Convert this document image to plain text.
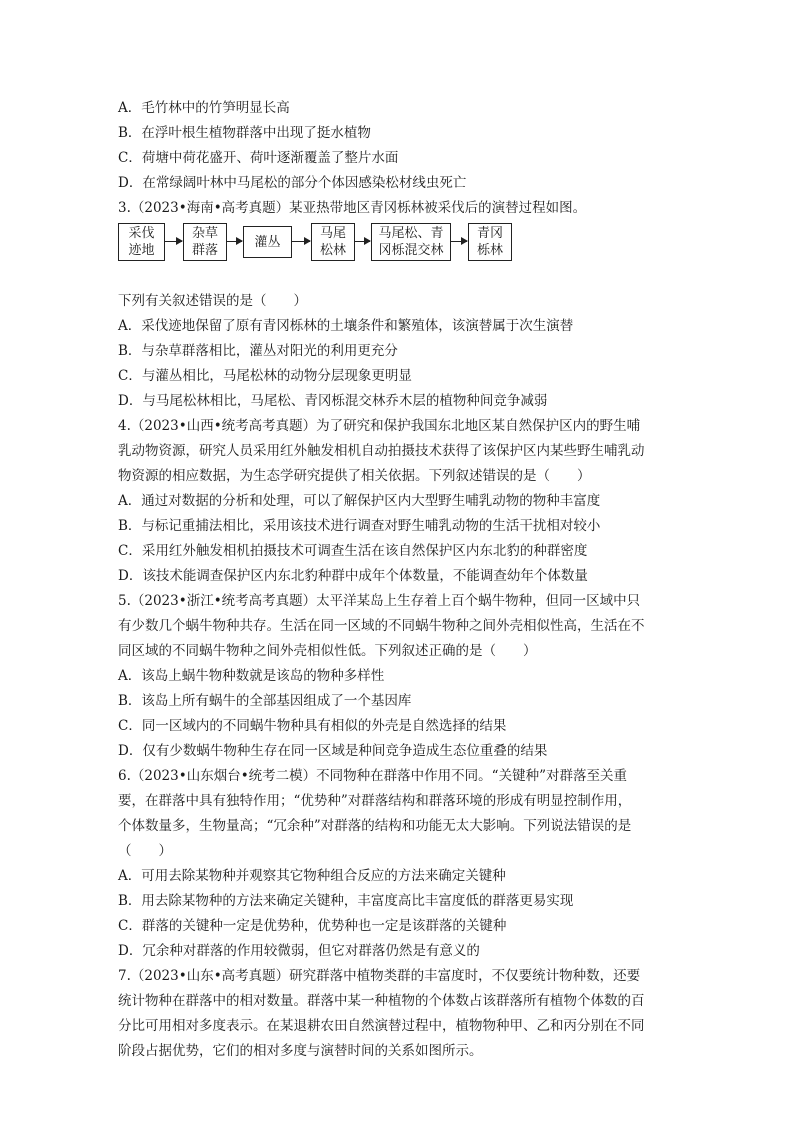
A．毛竹林中的竹笋明显长高
B．在浮叶根生植物群落中出现了挺水植物
C．荷塘中荷花盛开、荷叶逐渐覆盖了整片水面
D．在常绿阔叶林中马尾松的部分个体因感染松材线虫死亡
3.（2023•海南•高考真题）某亚热带地区青冈栎林被采伐后的演替过程如图。
采伐
迹地
杂草
群落
灌丛
马尾
松林
马尾松、青
冈栎混交林
青冈
栎林
下列有关叙述错误的是（　　）
A．采伐迹地保留了原有青冈栎林的土壤条件和繁殖体，该演替属于次生演替
B．与杂草群落相比，灌丛对阳光的利用更充分
C．与灌丛相比，马尾松林的动物分层现象更明显
D．与马尾松林相比，马尾松、青冈栎混交林乔木层的植物种间竞争减弱
4.（2023•山西•统考高考真题）为了研究和保护我国东北地区某自然保护区内的野生哺
乳动物资源，研究人员采用红外触发相机自动拍摄技术获得了该保护区内某些野生哺乳动
物资源的相应数据，为生态学研究提供了相关依据。下列叙述错误的是（　　）
A．通过对数据的分析和处理，可以了解保护区内大型野生哺乳动物的物种丰富度
B．与标记重捕法相比，采用该技术进行调查对野生哺乳动物的生活干扰相对较小
C．采用红外触发相机拍摄技术可调查生活在该自然保护区内东北豹的种群密度
D．该技术能调查保护区内东北豹种群中成年个体数量，不能调查幼年个体数量
5.（2023•浙江•统考高考真题）太平洋某岛上生存着上百个蜗牛物种，但同一区域中只
有少数几个蜗牛物种共存。生活在同一区域的不同蜗牛物种之间外壳相似性高，生活在不
同区域的不同蜗牛物种之间外壳相似性低。下列叙述正确的是（　　）
A．该岛上蜗牛物种数就是该岛的物种多样性
B．该岛上所有蜗牛的全部基因组成了一个基因库
C．同一区域内的不同蜗牛物种具有相似的外壳是自然选择的结果
D．仅有少数蜗牛物种生存在同一区域是种间竞争造成生态位重叠的结果
6.（2023•山东烟台•统考二模）不同物种在群落中作用不同。“关键种”对群落至关重
要，在群落中具有独特作用；“优势种”对群落结构和群落环境的形成有明显控制作用，
个体数量多，生物量高；“冗余种”对群落的结构和功能无太大影响。下列说法错误的是
（　　）
A．可用去除某物种并观察其它物种组合反应的方法来确定关键种
B．用去除某物种的方法来确定关键种，丰富度高比丰富度低的群落更易实现
C．群落的关键种一定是优势种，优势种也一定是该群落的关键种
D．冗余种对群落的作用较微弱，但它对群落仍然是有意义的
7.（2023•山东•高考真题）研究群落中植物类群的丰富度时，不仅要统计物种数，还要
统计物种在群落中的相对数量。群落中某一种植物的个体数占该群落所有植物个体数的百
分比可用相对多度表示。在某退耕农田自然演替过程中，植物物种甲、乙和丙分别在不同
阶段占据优势，它们的相对多度与演替时间的关系如图所示。
